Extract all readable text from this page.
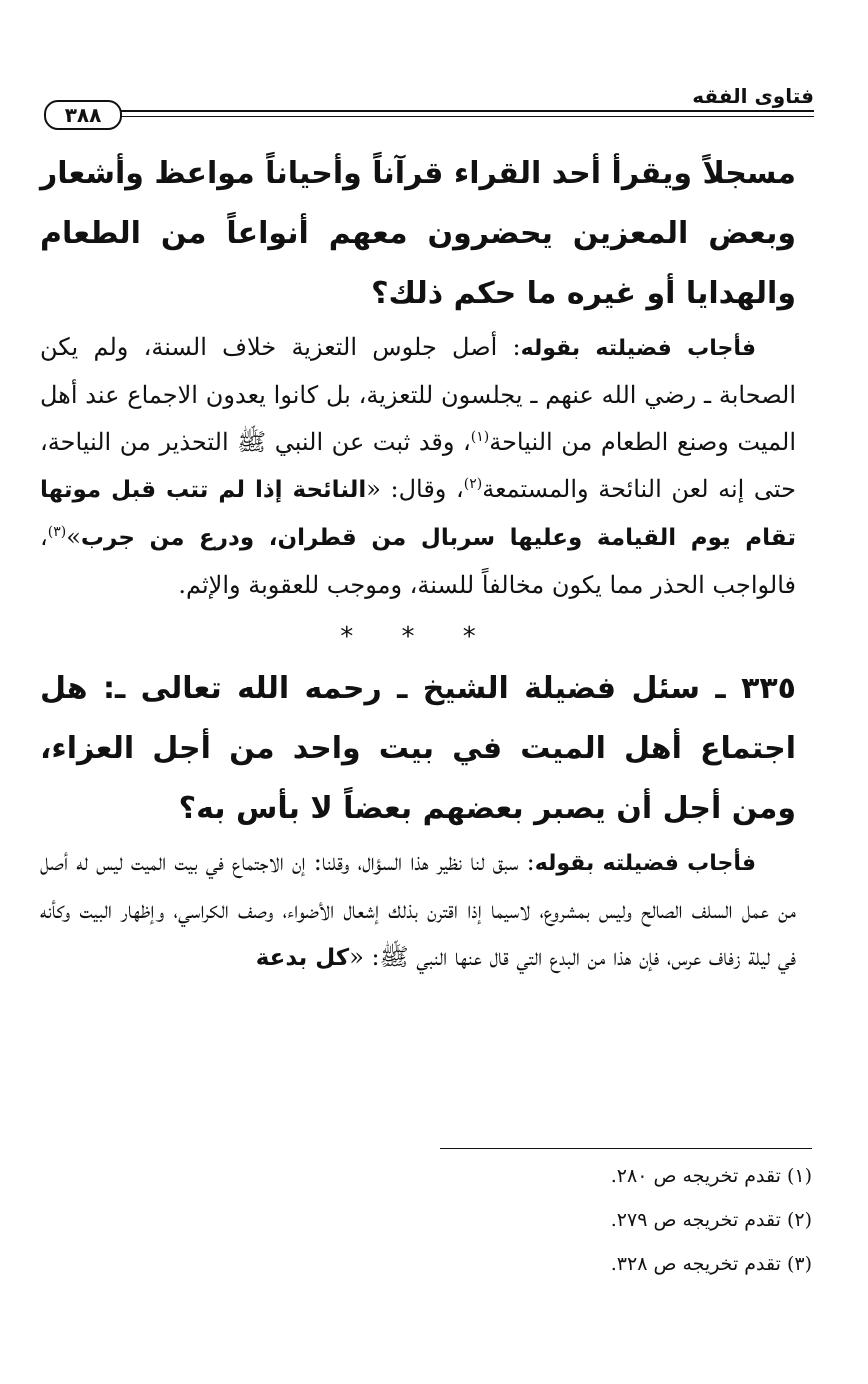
فتاوى الفقه
٣٨٨

مسجلاً ويقرأ أحد القراء قرآناً وأحياناً مواعظ وأشعار وبعض المعزين يحضرون معهم أنواعاً من الطعام والهدايا أو غيره ما حكم ذلك؟

فأجاب فضيلته بقوله: أصل جلوس التعزية خلاف السنة، ولم يكن الصحابة ـ رضي الله عنهم ـ يجلسون للتعزية، بل كانوا يعدون الاجماع عند أهل الميت وصنع الطعام من النياحة$^{(١)}$، وقد ثبت عن النبي ﷺ التحذير من النياحة، حتى إنه لعن النائحة والمستمعة$^{(٢)}$، وقال: «النائحة إذا لم تتب قبل موتها تقام يوم القيامة وعليها سربال من قطران، ودرع من جرب»$^{(٣)}$، فالواجب الحذر مما يكون مخالفاً للسنة، وموجب للعقوبة والإثم.

* * *

٣٣٥ ـ سئل فضيلة الشيخ ـ رحمه الله تعالى ـ: هل اجتماع أهل الميت في بيت واحد من أجل العزاء، ومن أجل أن يصبر بعضهم بعضاً لا بأس به؟

فأجاب فضيلته بقوله: سبق لنا نظير هذا السؤال، وقلنا: إن الاجتماع في بيت الميت ليس له أصل من عمل السلف الصالح وليس بمشروع، لاسيما إذا اقترن بذلك إشعال الأضواء، وصف الكراسي، وإظهار البيت وكأنه في ليلة زفاف عرس، فإن هذا من البدع التي قال عنها النبي ﷺ: «كل بدعة

(١) تقدم تخريجه ص ٢٨٠.
(٢) تقدم تخريجه ص ٢٧٩.
(٣) تقدم تخريجه ص ٣٢٨.
